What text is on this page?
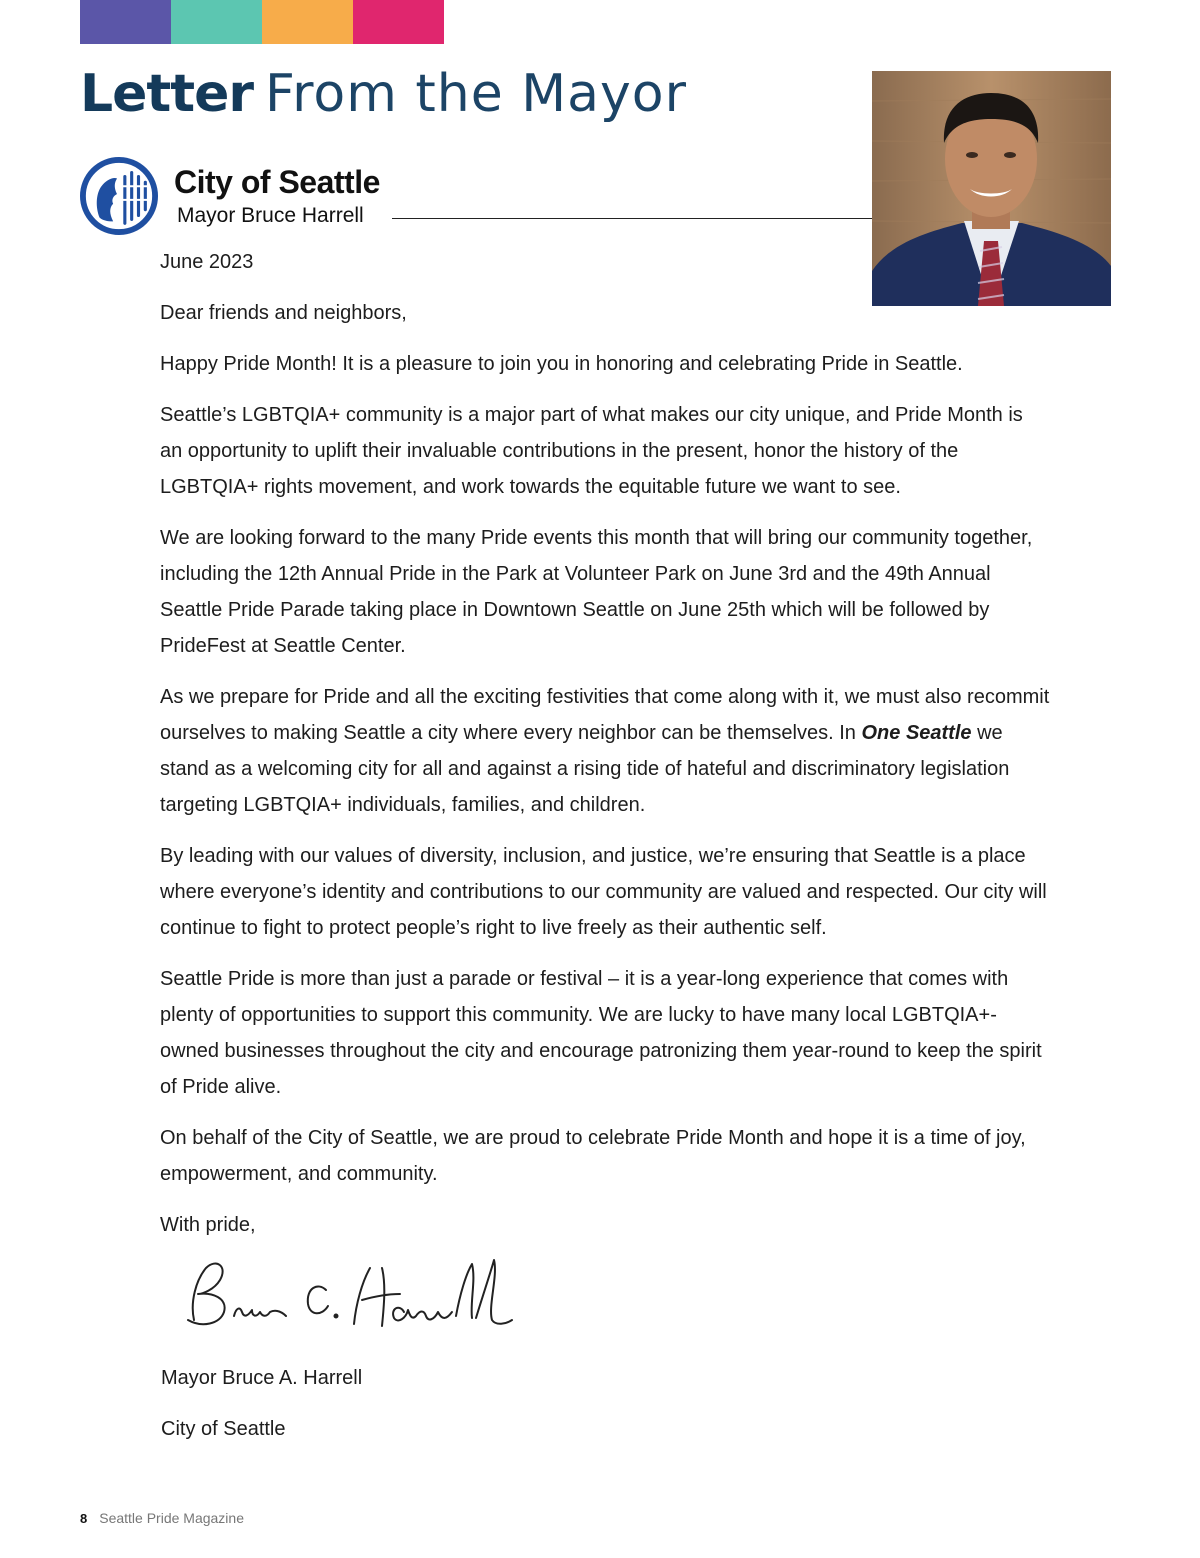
Letter From the Mayor
City of Seattle
Mayor Bruce Harrell

June 2023

Dear friends and neighbors,

Happy Pride Month! It is a pleasure to join you in honoring and celebrating Pride in Seattle.

Seattle’s LGBTQIA+ community is a major part of what makes our city unique, and Pride Month is an opportunity to uplift their invaluable contributions in the present, honor the history of the LGBTQIA+ rights movement, and work towards the equitable future we want to see.

We are looking forward to the many Pride events this month that will bring our community together, including the 12th Annual Pride in the Park at Volunteer Park on June 3rd and the 49th Annual Seattle Pride Parade taking place in Downtown Seattle on June 25th which will be followed by PrideFest at Seattle Center.

As we prepare for Pride and all the exciting festivities that come along with it, we must also recommit ourselves to making Seattle a city where every neighbor can be themselves. In One Seattle we stand as a welcoming city for all and against a rising tide of hateful and discriminatory legislation targeting LGBTQIA+ individuals, families, and children.

By leading with our values of diversity, inclusion, and justice, we’re ensuring that Seattle is a place where everyone’s identity and contributions to our community are valued and respected. Our city will continue to fight to protect people’s right to live freely as their authentic self.

Seattle Pride is more than just a parade or festival – it is a year-long experience that comes with plenty of opportunities to support this community. We are lucky to have many local LGBTQIA+-owned businesses throughout the city and encourage patronizing them year-round to keep the spirit of Pride alive.

On behalf of the City of Seattle, we are proud to celebrate Pride Month and hope it is a time of joy, empowerment, and community.

With pride,

Mayor Bruce A. Harrell
City of Seattle
8 Seattle Pride Magazine
